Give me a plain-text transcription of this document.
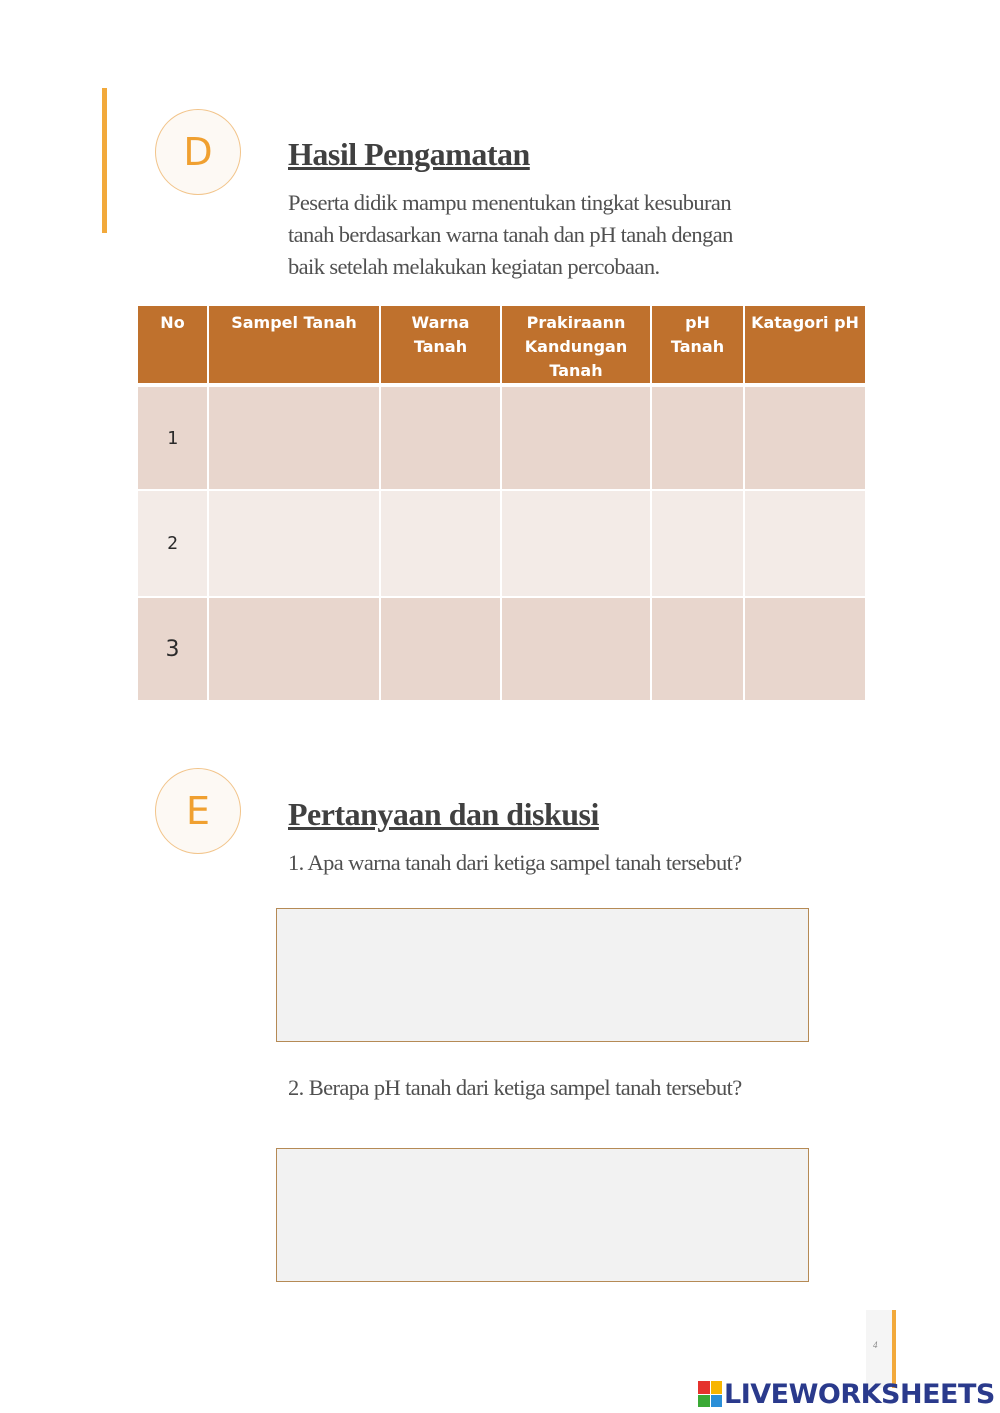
D Hasil Pengamatan
Peserta didik mampu menentukan tingkat kesuburan
tanah berdasarkan warna tanah dan pH tanah dengan
baik setelah melakukan kegiatan percobaan.
No	Sampel Tanah	Warna Tanah	Prakiraann Kandungan Tanah	pH Tanah	Katagori pH
1					
2					
3					
E Pertanyaan dan diskusi
1. Apa warna tanah dari ketiga sampel tanah tersebut?
2. Berapa pH tanah dari ketiga sampel tanah tersebut?
4
LIVEWORKSHEETS
